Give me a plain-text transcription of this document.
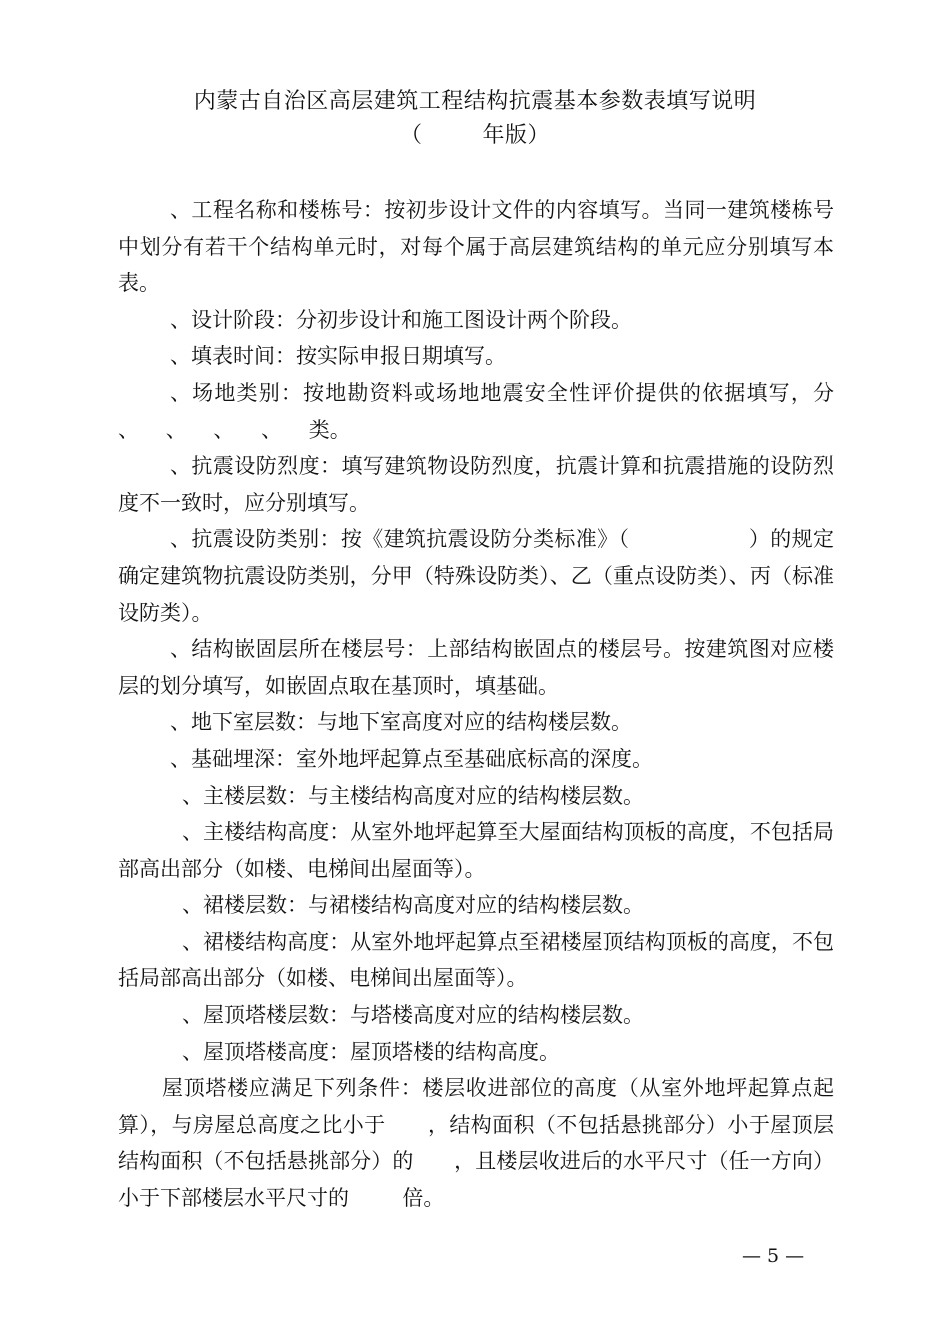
内蒙古自治区高层建筑工程结构抗震基本参数表填写说明
（        年版）

、工程名称和楼栋号：按初步设计文件的内容填写。当同一建筑楼栋号中划分有若干个结构单元时，对每个属于高层建筑结构的单元应分别填写本表。

、设计阶段：分初步设计和施工图设计两个阶段。

、填表时间：按实际申报日期填写。

、场地类别：按地勘资料或场地地震安全性评价提供的依据填写，分    、    、    、    、    类。

、抗震设防烈度：填写建筑物设防烈度，抗震计算和抗震措施的设防烈度不一致时，应分别填写。

、抗震设防类别：按《建筑抗震设防分类标准》（                 ）的规定确定建筑物抗震设防类别，分甲（特殊设防类）、乙（重点设防类）、丙（标准设防类）。

、结构嵌固层所在楼层号：上部结构嵌固点的楼层号。按建筑图对应楼层的划分填写，如嵌固点取在基顶时，填基础。

、地下室层数：与地下室高度对应的结构楼层数。

、基础埋深：室外地坪起算点至基础底标高的深度。

、主楼层数：与主楼结构高度对应的结构楼层数。

、主楼结构高度：从室外地坪起算至大屋面结构顶板的高度，不包括局部高出部分（如楼、电梯间出屋面等）。

、裙楼层数：与裙楼结构高度对应的结构楼层数。

、裙楼结构高度：从室外地坪起算点至裙楼屋顶结构顶板的高度，不包括局部高出部分（如楼、电梯间出屋面等）。

、屋顶塔楼层数：与塔楼高度对应的结构楼层数。

、屋顶塔楼高度：屋顶塔楼的结构高度。

屋顶塔楼应满足下列条件：楼层收进部位的高度（从室外地坪起算点起算），与房屋总高度之比小于      ，结构面积（不包括悬挑部分）小于屋顶层结构面积（不包括悬挑部分）的      ，且楼层收进后的水平尺寸（任一方向）小于下部楼层水平尺寸的        倍。

— 5 —
